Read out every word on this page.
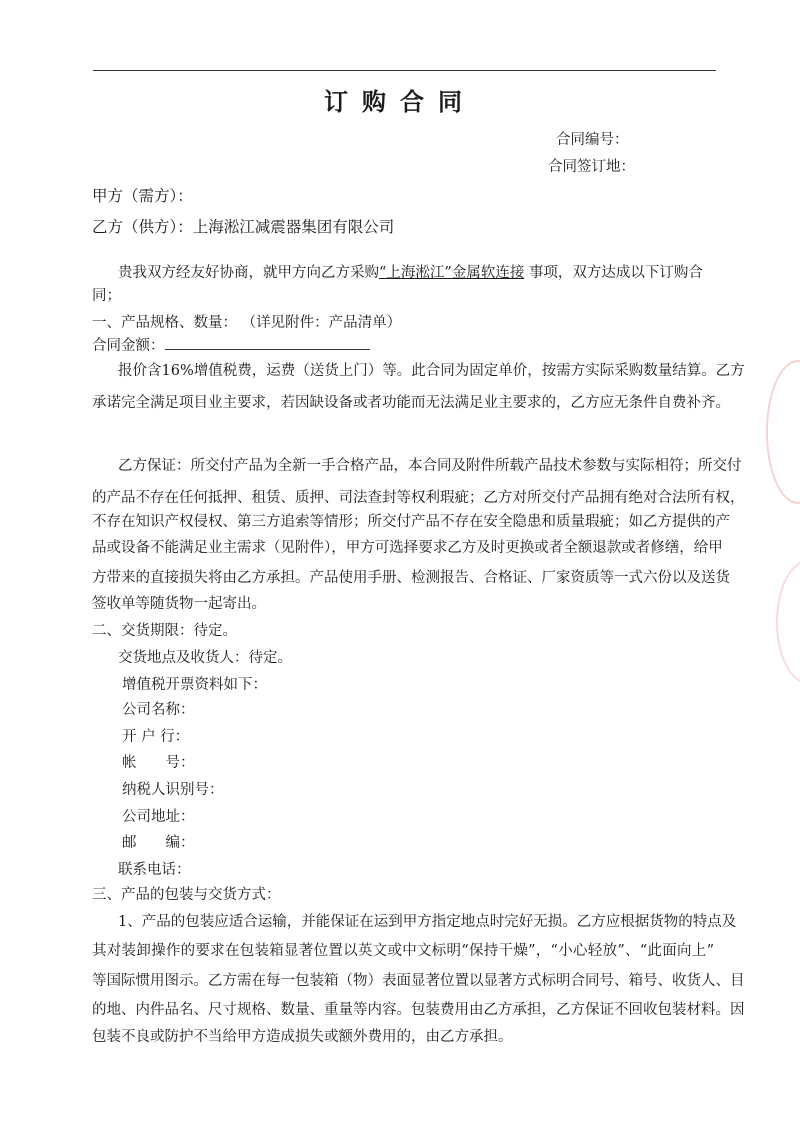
订购合同
合同编号：
合同签订地：
甲方（需方）：
乙方（供方）：上海淞江减震器集团有限公司
贵我双方经友好协商，就甲方向乙方采购“上海淞江”金属软连接 事项，双方达成以下订购合
同；
一、产品规格、数量： （详见附件：产品清单）
合同金额：
报价含16%增值税费，运费（送货上门）等。此合同为固定单价，按需方实际采购数量结算。乙方
承诺完全满足项目业主要求，若因缺设备或者功能而无法满足业主要求的，乙方应无条件自费补齐。
乙方保证：所交付产品为全新一手合格产品，本合同及附件所载产品技术参数与实际相符；所交付
的产品不存在任何抵押、租赁、质押、司法查封等权利瑕疵；乙方对所交付产品拥有绝对合法所有权，
不存在知识产权侵权、第三方追索等情形；所交付产品不存在安全隐患和质量瑕疵；如乙方提供的产
品或设备不能满足业主需求（见附件），甲方可选择要求乙方及时更换或者全额退款或者修缮，给甲
方带来的直接损失将由乙方承担。产品使用手册、检测报告、合格证、厂家资质等一式六份以及送货
签收单等随货物一起寄出。
二、交货期限：待定。
交货地点及收货人：待定。
增值税开票资料如下：
公司名称：
开 户 行：
帐　　号：
纳税人识别号：
公司地址：
邮　　编：
联系电话：
三、产品的包装与交货方式：
1、产品的包装应适合运输，并能保证在运到甲方指定地点时完好无损。乙方应根据货物的特点及
其对装卸操作的要求在包装箱显著位置以英文或中文标明“保持干燥”，“小心轻放”、“此面向上”
等国际惯用图示。乙方需在每一包装箱（物）表面显著位置以显著方式标明合同号、箱号、收货人、目
的地、内件品名、尺寸规格、数量、重量等内容。包装费用由乙方承担，乙方保证不回收包装材料。因
包装不良或防护不当给甲方造成损失或额外费用的，由乙方承担。
